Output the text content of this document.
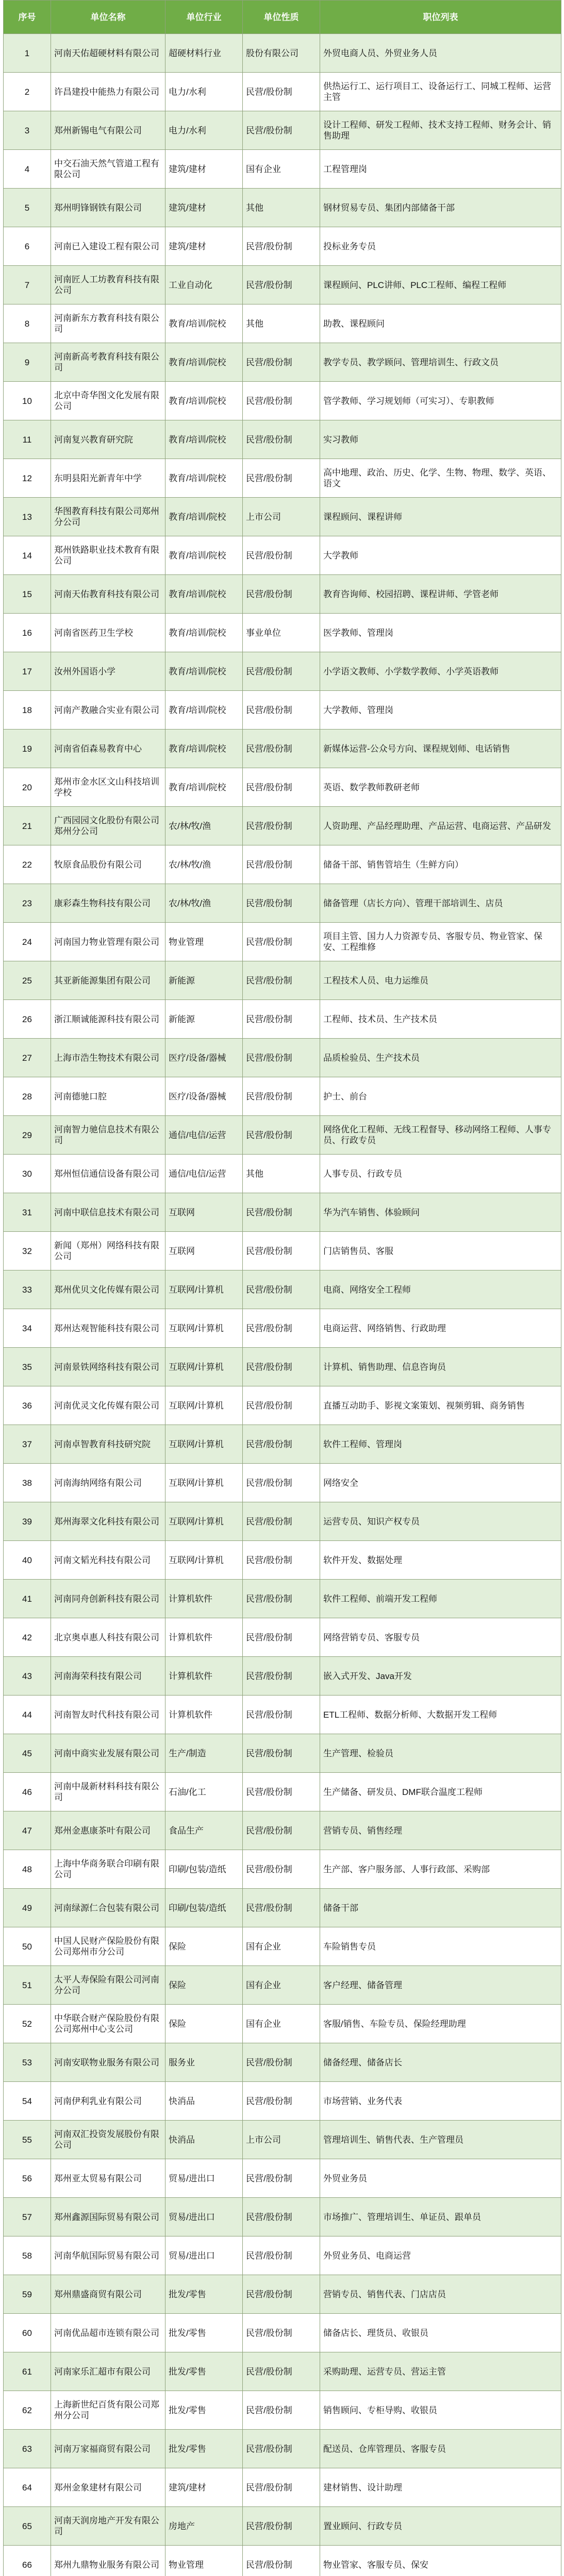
序号	单位名称	单位行业	单位性质	职位列表
1	河南天佑超硬材料有限公司	超硬材料行业	股份有限公司	外贸电商人员、外贸业务人员
2	许昌建投中能热力有限公司	电力/水利	民营/股份制	供热运行工、运行项目工、设备运行工、同城工程师、运营主管
3	郑州新锡电气有限公司	电力/水利	民营/股份制	设计工程师、研发工程师、技术支持工程师、财务会计、销售助理
4	中交石油天然气管道工程有限公司	建筑/建材	国有企业	工程管理岗
5	郑州明锋钢铁有限公司	建筑/建材	其他	钢材贸易专员、集团内部储备干部
6	河南已入建设工程有限公司	建筑/建材	民营/股份制	投标业务专员
7	河南匠人工坊教育科技有限公司	工业自动化	民营/股份制	课程顾问、PLC讲师、PLC工程师、编程工程师
8	河南新东方教育科技有限公司	教育/培训/院校	其他	助教、课程顾问
9	河南新高考教育科技有限公司	教育/培训/院校	民营/股份制	教学专员、教学顾问、管理培训生、行政文员
10	北京中奇华图文化发展有限公司	教育/培训/院校	民营/股份制	管学教师、学习规划师（可实习）、专职教师
11	河南复兴教育研究院	教育/培训/院校	民营/股份制	实习教师
12	东明县阳光新青年中学	教育/培训/院校	民营/股份制	高中地理、政治、历史、化学、生物、物理、数学、英语、语文
13	华图教育科技有限公司郑州分公司	教育/培训/院校	上市公司	课程顾问、课程讲师
14	郑州铁路职业技术教育有限公司	教育/培训/院校	民营/股份制	大学教师
15	河南天佑教育科技有限公司	教育/培训/院校	民营/股份制	教育咨询师、校园招聘、课程讲师、学管老师
16	河南省医药卫生学校	教育/培训/院校	事业单位	医学教师、管理岗
17	汝州外国语小学	教育/培训/院校	民营/股份制	小学语文教师、小学数学教师、小学英语教师
18	河南产教融合实业有限公司	教育/培训/院校	民营/股份制	大学教师、管理岗
19	河南省佰森易教育中心	教育/培训/院校	民营/股份制	新媒体运营-公众号方向、课程规划师、电话销售
20	郑州市金水区文山科技培训学校	教育/培训/院校	民营/股份制	英语、数学教师教研老师
21	广西园园文化股份有限公司郑州分公司	农/林/牧/渔	民营/股份制	人资助理、产品经理助理、产品运营、电商运营、产品研发
22	牧原食品股份有限公司	农/林/牧/渔	民营/股份制	储备干部、销售管培生（生鲜方向）
23	康彩森生物科技有限公司	农/林/牧/渔	民营/股份制	储备管理（店长方向）、管理干部培训生、店员
24	河南国力物业管理有限公司	物业管理	民营/股份制	项目主管、国力人力资源专员、客服专员、物业管家、保安、工程维修
25	其亚新能源集团有限公司	新能源	民营/股份制	工程技术人员、电力运维员
26	浙江顺诚能源科技有限公司	新能源	民营/股份制	工程师、技术员、生产技术员
27	上海市浩生物技术有限公司	医疗/设备/器械	民营/股份制	品质检验员、生产技术员
28	河南德驰口腔	医疗/设备/器械	民营/股份制	护士、前台
29	河南智力驰信息技术有限公司	通信/电信/运营	民营/股份制	网络优化工程师、无线工程督导、移动网络工程师、人事专员、行政专员
30	郑州恒信通信设备有限公司	通信/电信/运营	其他	人事专员、行政专员
31	河南中联信息技术有限公司	互联网	民营/股份制	华为汽车销售、体验顾问
32	新闻（郑州）网络科技有限公司	互联网	民营/股份制	门店销售员、客服
33	郑州优贝文化传媒有限公司	互联网/计算机	民营/股份制	电商、网络安全工程师
34	郑州达观智能科技有限公司	互联网/计算机	民营/股份制	电商运营、网络销售、行政助理
35	河南景铁网络科技有限公司	互联网/计算机	民营/股份制	计算机、销售助理、信息咨询员
36	河南优灵文化传媒有限公司	互联网/计算机	民营/股份制	直播互动助手、影视文案策划、视频剪辑、商务销售
37	河南卓智教育科技研究院	互联网/计算机	民营/股份制	软件工程师、管理岗
38	河南海纳网络有限公司	互联网/计算机	民营/股份制	网络安全
39	郑州海翠文化科技有限公司	互联网/计算机	民营/股份制	运营专员、知识产权专员
40	河南文韬光科技有限公司	互联网/计算机	民营/股份制	软件开发、数据处理
41	河南同舟创新科技有限公司	计算机软件	民营/股份制	软件工程师、前端开发工程师
42	北京奥卓惠人科技有限公司	计算机软件	民营/股份制	网络营销专员、客服专员
43	河南海荣科技有限公司	计算机软件	民营/股份制	嵌入式开发、Java开发
44	河南智友时代科技有限公司	计算机软件	民营/股份制	ETL工程师、数据分析师、大数据开发工程师
45	河南中商实业发展有限公司	生产/制造	民营/股份制	生产管理、检验员
46	河南中晟新材料科技有限公司	石油/化工	民营/股份制	生产储备、研发员、DMF联合温度工程师
47	郑州金惠康茶叶有限公司	食品生产	民营/股份制	营销专员、销售经理
48	上海中华商务联合印刷有限公司	印刷/包装/造纸	民营/股份制	生产部、客户服务部、人事行政部、采购部
49	河南绿源仁合包装有限公司	印刷/包装/造纸	民营/股份制	储备干部
50	中国人民财产保险股份有限公司郑州市分公司	保险	国有企业	车险销售专员
51	太平人寿保险有限公司河南分公司	保险	国有企业	客户经理、储备管理
52	中华联合财产保险股份有限公司郑州中心支公司	保险	国有企业	客服/销售、车险专员、保险经理助理
53	河南安联物业服务有限公司	服务业	民营/股份制	储备经理、储备店长
54	河南伊利乳业有限公司	快消品	民营/股份制	市场营销、业务代表
55	河南双汇投资发展股份有限公司	快消品	上市公司	管理培训生、销售代表、生产管理员
56	郑州亚太贸易有限公司	贸易/进出口	民营/股份制	外贸业务员
57	郑州鑫源国际贸易有限公司	贸易/进出口	民营/股份制	市场推广、管理培训生、单证员、跟单员
58	河南华航国际贸易有限公司	贸易/进出口	民营/股份制	外贸业务员、电商运营
59	郑州鼎盛商贸有限公司	批发/零售	民营/股份制	营销专员、销售代表、门店店员
60	河南优品超市连锁有限公司	批发/零售	民营/股份制	储备店长、理货员、收银员
61	河南家乐汇超市有限公司	批发/零售	民营/股份制	采购助理、运营专员、营运主管
62	上海新世纪百货有限公司郑州分公司	批发/零售	民营/股份制	销售顾问、专柜导购、收银员
63	河南万家福商贸有限公司	批发/零售	民营/股份制	配送员、仓库管理员、客服专员
64	郑州金象建材有限公司	建筑/建材	民营/股份制	建材销售、设计助理
65	河南天润房地产开发有限公司	房地产	民营/股份制	置业顾问、行政专员
66	郑州九鼎物业服务有限公司	物业管理	民营/股份制	物业管家、客服专员、保安
